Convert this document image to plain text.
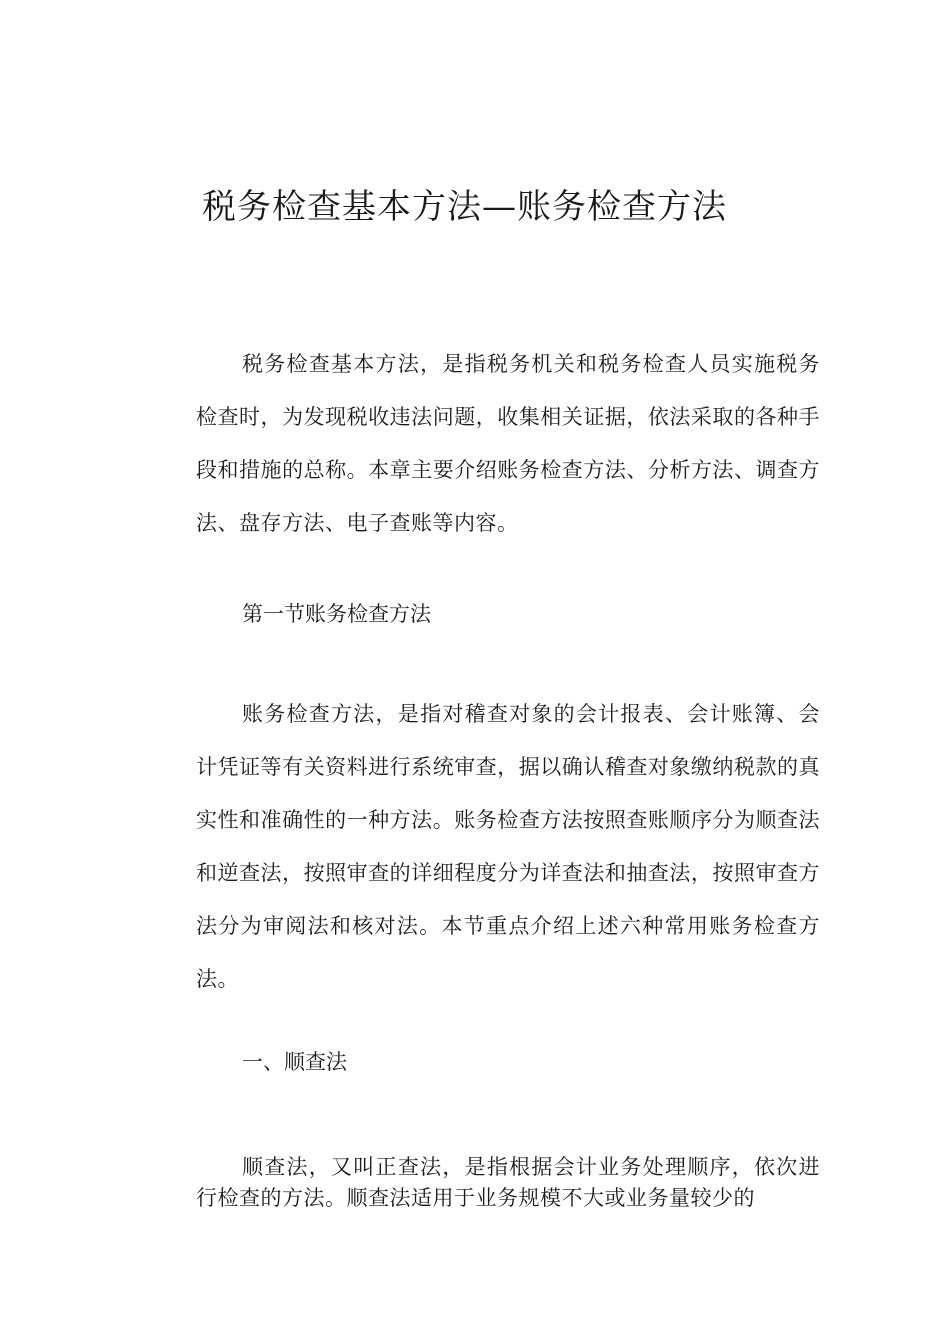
税务检查基本方法—账务检查方法

税务检查基本方法，是指税务机关和税务检查人员实施税务检查时，为发现税收违法问题，收集相关证据，依法采取的各种手段和措施的总称。本章主要介绍账务检查方法、分析方法、调查方法、盘存方法、电子查账等内容。

第一节账务检查方法

账务检查方法，是指对稽查对象的会计报表、会计账簿、会计凭证等有关资料进行系统审查，据以确认稽查对象缴纳税款的真实性和准确性的一种方法。账务检查方法按照查账顺序分为顺查法和逆查法，按照审查的详细程度分为详查法和抽查法，按照审查方法分为审阅法和核对法。本节重点介绍上述六种常用账务检查方法。

一、顺查法

顺查法，又叫正查法，是指根据会计业务处理顺序，依次进行检查的方法。顺查法适用于业务规模不大或业务量较少的
